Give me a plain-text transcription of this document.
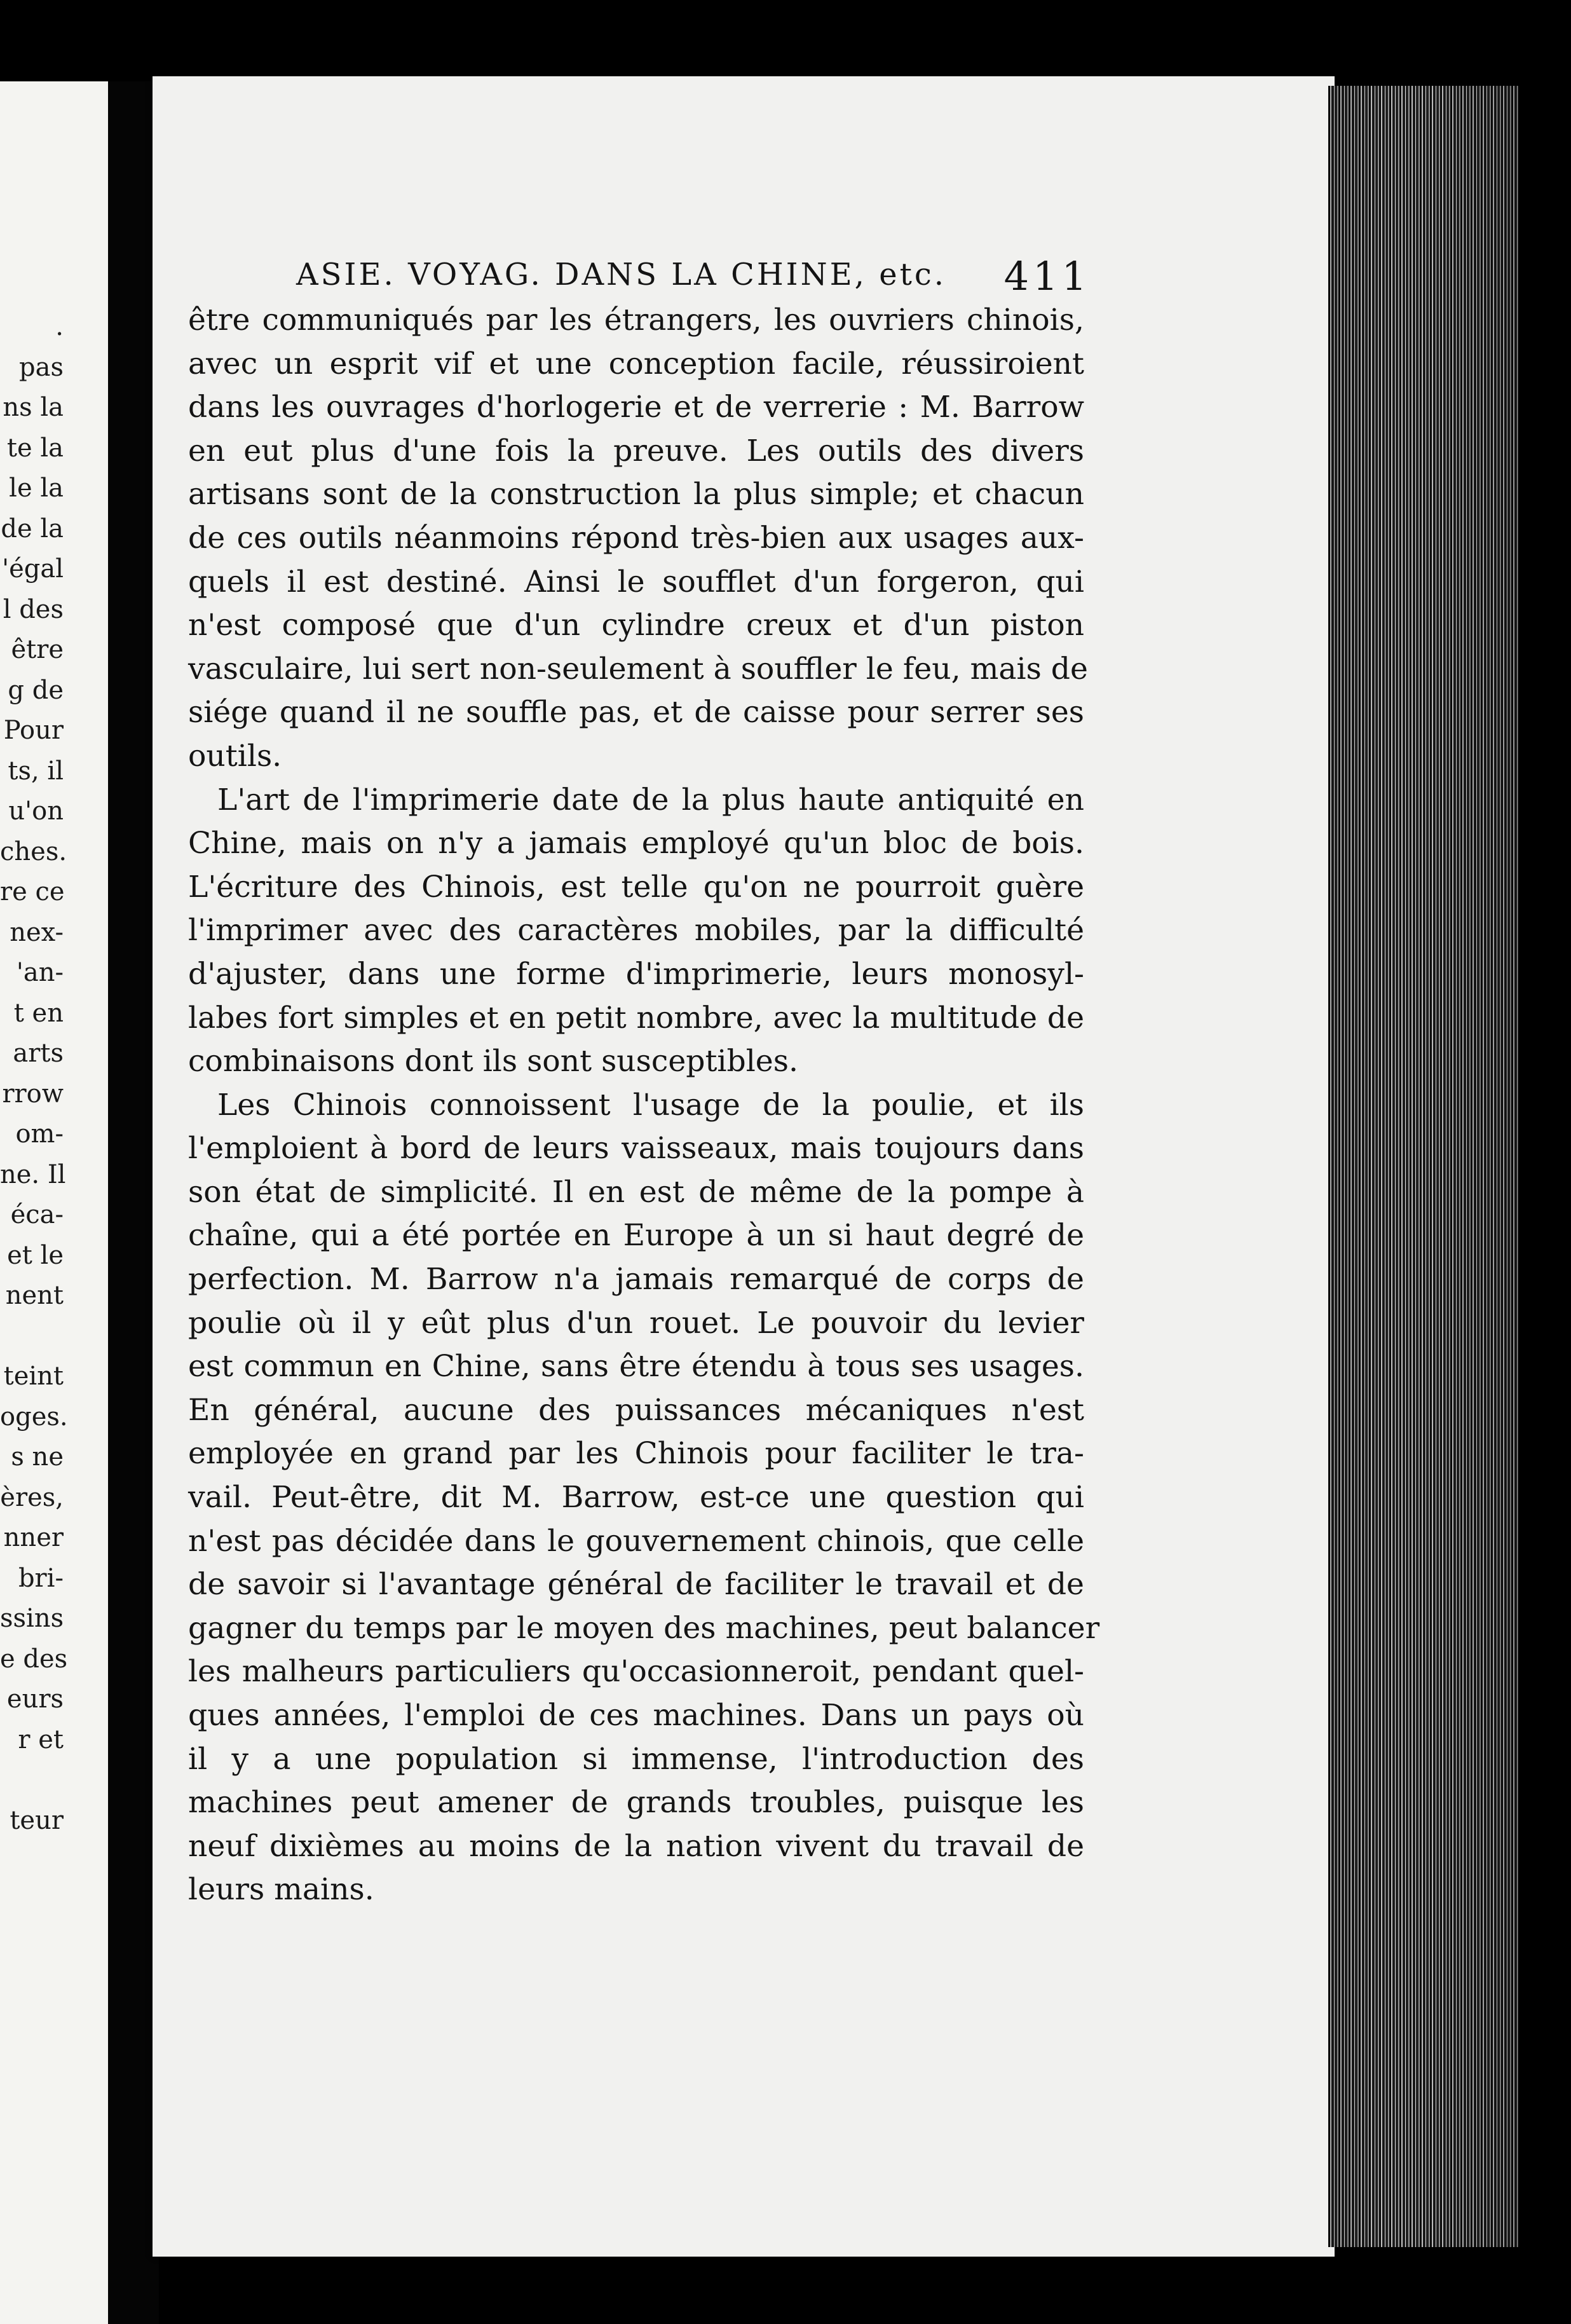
.
pas
ns la
te la
le la
de la
'égal
l des
être
g de
Pour
ts, il
u'on
ches.
re ce
nex-
'an-
t en
arts
rrow
om-
ne. Il
éca-
et le
nent
teint
oges.
s ne
ères,
nner
bri-
ssins
e des
eurs
r et
teur
ASIE. VOYAG. DANS LA CHINE, etc. 411
être communiqués par les étrangers, les ouvriers chinois,
avec un esprit vif et une conception facile, réussiroient
dans les ouvrages d'horlogerie et de verrerie : M. Barrow
en eut plus d'une fois la preuve. Les outils des divers
artisans sont de la construction la plus simple; et chacun
de ces outils néanmoins répond très-bien aux usages aux-
quels il est destiné. Ainsi le soufflet d'un forgeron, qui
n'est composé que d'un cylindre creux et d'un piston
vasculaire, lui sert non-seulement à souffler le feu, mais de
siége quand il ne souffle pas, et de caisse pour serrer ses
outils.
L'art de l'imprimerie date de la plus haute antiquité en
Chine, mais on n'y a jamais employé qu'un bloc de bois.
L'écriture des Chinois, est telle qu'on ne pourroit guère
l'imprimer avec des caractères mobiles, par la difficulté
d'ajuster, dans une forme d'imprimerie, leurs monosyl-
labes fort simples et en petit nombre, avec la multitude de
combinaisons dont ils sont susceptibles.
Les Chinois connoissent l'usage de la poulie, et ils
l'emploient à bord de leurs vaisseaux, mais toujours dans
son état de simplicité. Il en est de même de la pompe à
chaîne, qui a été portée en Europe à un si haut degré de
perfection. M. Barrow n'a jamais remarqué de corps de
poulie où il y eût plus d'un rouet. Le pouvoir du levier
est commun en Chine, sans être étendu à tous ses usages.
En général, aucune des puissances mécaniques n'est
employée en grand par les Chinois pour faciliter le tra-
vail. Peut-être, dit M. Barrow, est-ce une question qui
n'est pas décidée dans le gouvernement chinois, que celle
de savoir si l'avantage général de faciliter le travail et de
gagner du temps par le moyen des machines, peut balancer
les malheurs particuliers qu'occasionneroit, pendant quel-
ques années, l'emploi de ces machines. Dans un pays où
il y a une population si immense, l'introduction des
machines peut amener de grands troubles, puisque les
neuf dixièmes au moins de la nation vivent du travail de
leurs mains.
